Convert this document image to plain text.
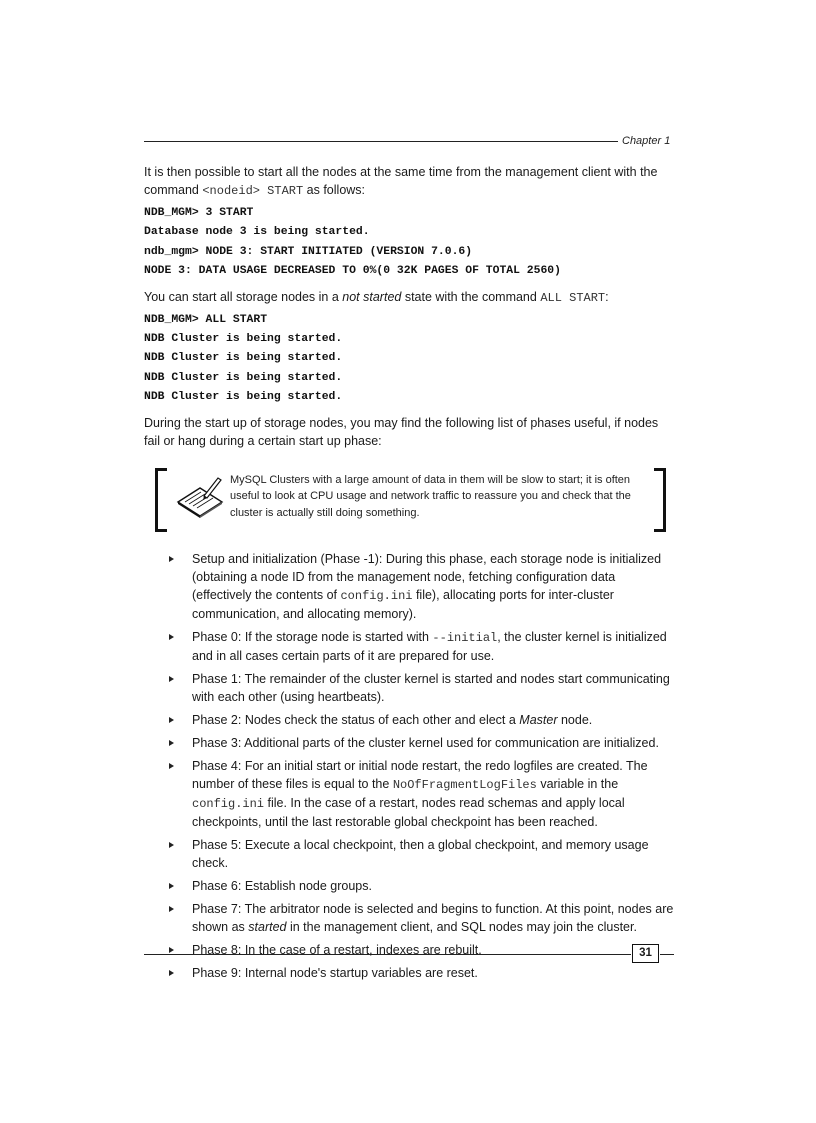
Chapter 1

It is then possible to start all the nodes at the same time from the management client with the command <nodeid> START as follows:

NDB_MGM> 3 START
Database node 3 is being started.
ndb_mgm> NODE 3: START INITIATED (VERSION 7.0.6)
NODE 3: DATA USAGE DECREASED TO 0%(0 32K PAGES OF TOTAL 2560)

You can start all storage nodes in a not started state with the command ALL START:

NDB_MGM> ALL START
NDB Cluster is being started.
NDB Cluster is being started.
NDB Cluster is being started.
NDB Cluster is being started.

During the start up of storage nodes, you may find the following list of phases useful, if nodes fail or hang during a certain start up phase:

MySQL Clusters with a large amount of data in them will be slow to start; it is often useful to look at CPU usage and network traffic to reassure you and check that the cluster is actually still doing something.
Setup and initialization (Phase -1): During this phase, each storage node is initialized (obtaining a node ID from the management node, fetching configuration data (effectively the contents of config.ini file), allocating ports for inter-cluster communication, and allocating memory).
Phase 0: If the storage node is started with --initial, the cluster kernel is initialized and in all cases certain parts of it are prepared for use.
Phase 1: The remainder of the cluster kernel is started and nodes start communicating with each other (using heartbeats).
Phase 2: Nodes check the status of each other and elect a Master node.
Phase 3: Additional parts of the cluster kernel used for communication are initialized.
Phase 4: For an initial start or initial node restart, the redo logfiles are created. The number of these files is equal to the NoOfFragmentLogFiles variable in the config.ini file. In the case of a restart, nodes read schemas and apply local checkpoints, until the last restorable global checkpoint has been reached.
Phase 5: Execute a local checkpoint, then a global checkpoint, and memory usage check.
Phase 6: Establish node groups.
Phase 7: The arbitrator node is selected and begins to function. At this point, nodes are shown as started in the management client, and SQL nodes may join the cluster.
Phase 8: In the case of a restart, indexes are rebuilt.
Phase 9: Internal node's startup variables are reset.
31
